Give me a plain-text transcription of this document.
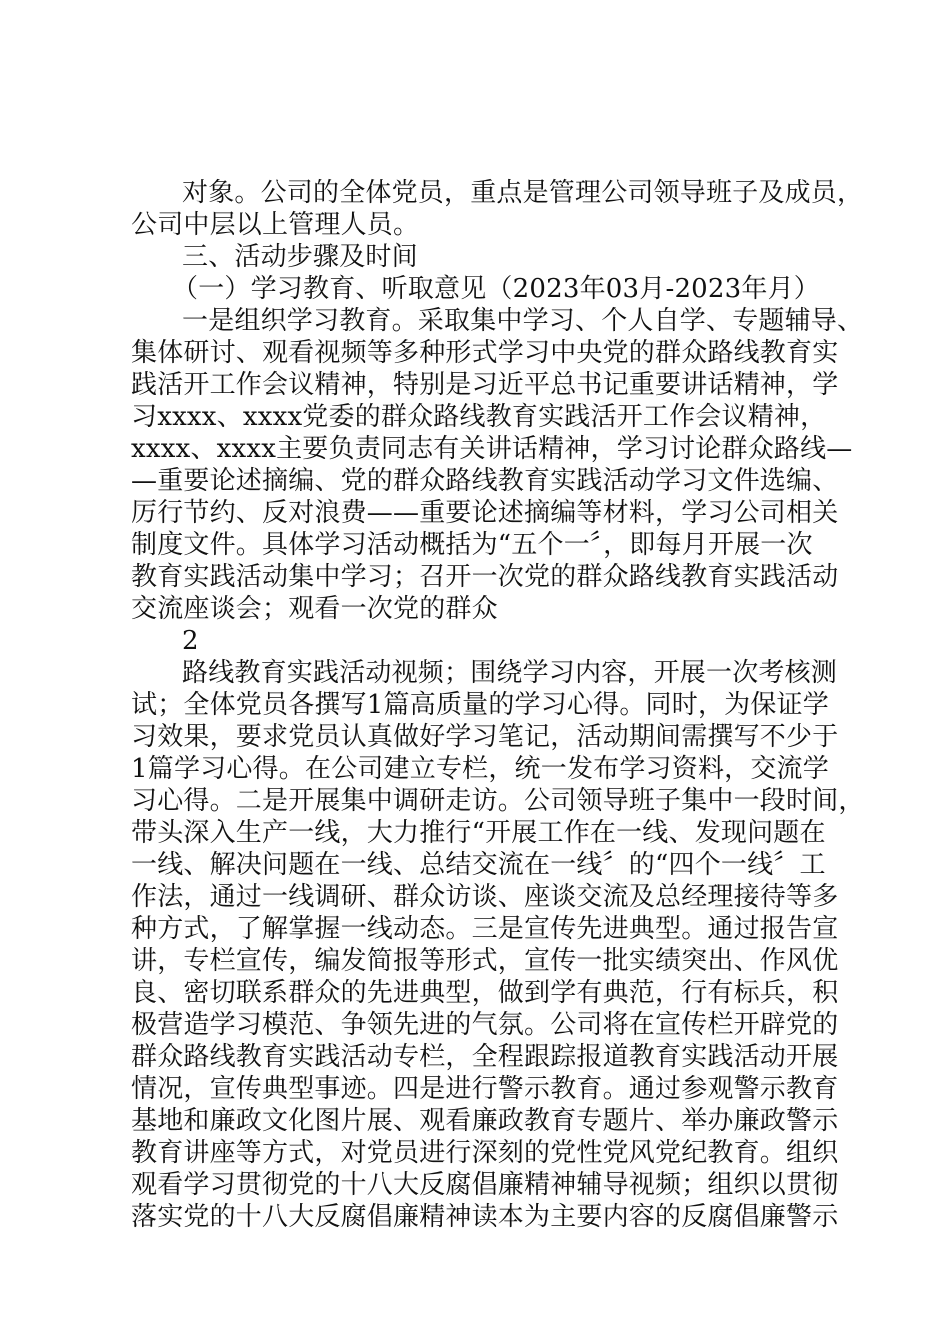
对象。公司的全体党员，重点是管理公司领导班子及成员，
公司中层以上管理人员。
三、活动步骤及时间
（一）学习教育、听取意见（2023年03月-2023年月）
一是组织学习教育。采取集中学习、个人自学、专题辅导、
集体研讨、观看视频等多种形式学习中央党的群众路线教育实
践活开工作会议精神，特别是习近平总书记重要讲话精神，学
习xxxx、xxxx党委的群众路线教育实践活开工作会议精神，
xxxx、xxxx主要负责同志有关讲话精神，学习讨论群众路线—
—重要论述摘编、党的群众路线教育实践活动学习文件选编、
厉行节约、反对浪费——重要论述摘编等材料，学习公司相关
制度文件。具体学习活动概括为“五个一〞，即每月开展一次
教育实践活动集中学习；召开一次党的群众路线教育实践活动
交流座谈会；观看一次党的群众
2
路线教育实践活动视频；围绕学习内容，开展一次考核测
试；全体党员各撰写1篇高质量的学习心得。同时，为保证学
习效果，要求党员认真做好学习笔记，活动期间需撰写不少于
1篇学习心得。在公司建立专栏，统一发布学习资料，交流学
习心得。二是开展集中调研走访。公司领导班子集中一段时间，
带头深入生产一线，大力推行“开展工作在一线、发现问题在
一线、解决问题在一线、总结交流在一线〞的“四个一线〞工
作法，通过一线调研、群众访谈、座谈交流及总经理接待等多
种方式，了解掌握一线动态。三是宣传先进典型。通过报告宣
讲，专栏宣传，编发简报等形式，宣传一批实绩突出、作风优
良、密切联系群众的先进典型，做到学有典范，行有标兵，积
极营造学习模范、争领先进的气氛。公司将在宣传栏开辟党的
群众路线教育实践活动专栏，全程跟踪报道教育实践活动开展
情况，宣传典型事迹。四是进行警示教育。通过参观警示教育
基地和廉政文化图片展、观看廉政教育专题片、举办廉政警示
教育讲座等方式，对党员进行深刻的党性党风党纪教育。组织
观看学习贯彻党的十八大反腐倡廉精神辅导视频；组织以贯彻
落实党的十八大反腐倡廉精神读本为主要内容的反腐倡廉警示
